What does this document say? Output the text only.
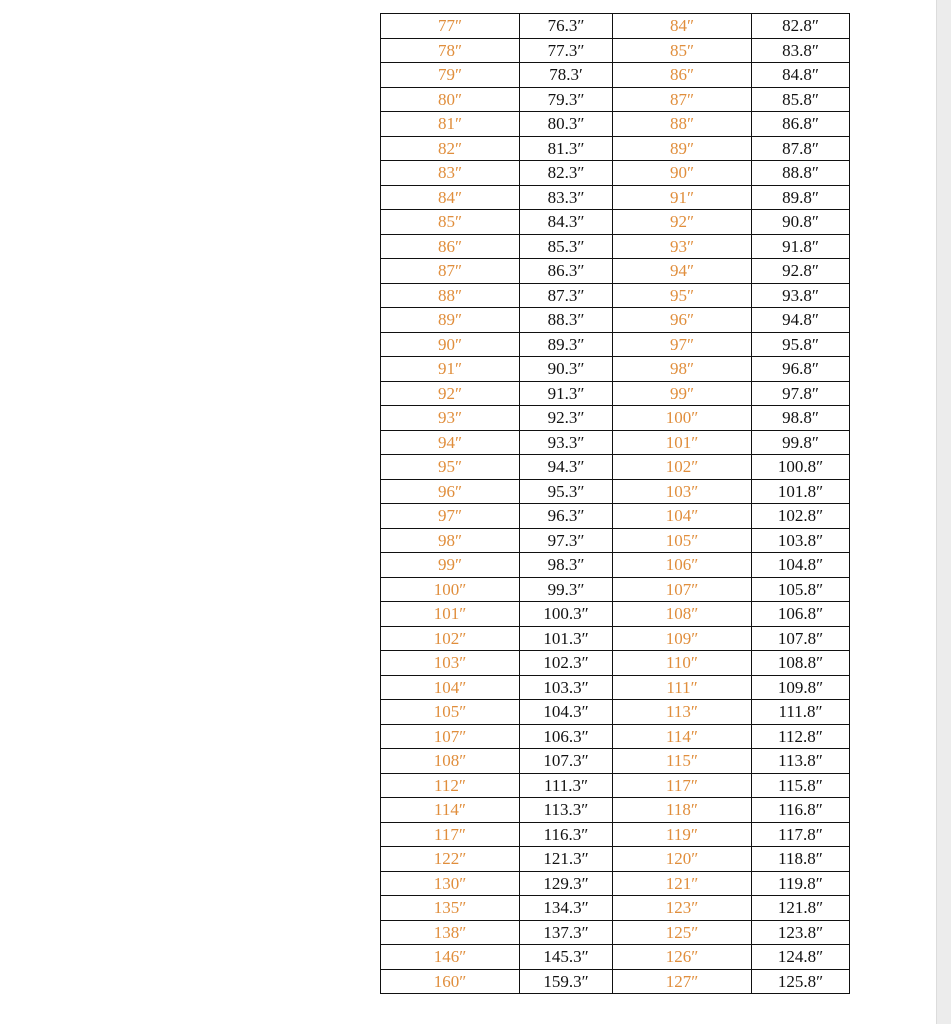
77″	76.3″	84″	82.8″
78″	77.3″	85″	83.8″
79″	78.3′	86″	84.8″
80″	79.3″	87″	85.8″
81″	80.3″	88″	86.8″
82″	81.3″	89″	87.8″
83″	82.3″	90″	88.8″
84″	83.3″	91″	89.8″
85″	84.3″	92″	90.8″
86″	85.3″	93″	91.8″
87″	86.3″	94″	92.8″
88″	87.3″	95″	93.8″
89″	88.3″	96″	94.8″
90″	89.3″	97″	95.8″
91″	90.3″	98″	96.8″
92″	91.3″	99″	97.8″
93″	92.3″	100″	98.8″
94″	93.3″	101″	99.8″
95″	94.3″	102″	100.8″
96″	95.3″	103″	101.8″
97″	96.3″	104″	102.8″
98″	97.3″	105″	103.8″
99″	98.3″	106″	104.8″
100″	99.3″	107″	105.8″
101″	100.3″	108″	106.8″
102″	101.3″	109″	107.8″
103″	102.3″	110″	108.8″
104″	103.3″	111″	109.8″
105″	104.3″	113″	111.8″
107″	106.3″	114″	112.8″
108″	107.3″	115″	113.8″
112″	111.3″	117″	115.8″
114″	113.3″	118″	116.8″
117″	116.3″	119″	117.8″
122″	121.3″	120″	118.8″
130″	129.3″	121″	119.8″
135″	134.3″	123″	121.8″
138″	137.3″	125″	123.8″
146″	145.3″	126″	124.8″
160″	159.3″	127″	125.8″
